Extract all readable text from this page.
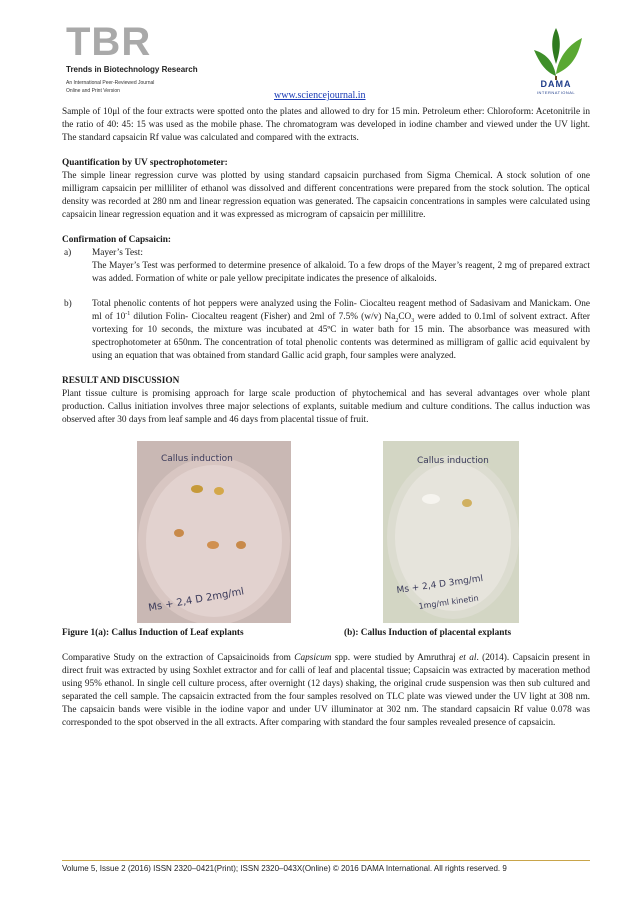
TBR
Trends in Biotechnology Research
An International Peer-Reviewed Journal
Online and Print Version	www.sciencejournal.in
DAMA
INTERNATIONAL

Sample of 10μl of the four extracts were spotted onto the plates and allowed to dry for 15 min. Petroleum ether: Chloroform: Acetonitrile in the ratio of 40: 45: 15 was used as the mobile phase. The chromatogram was developed in iodine chamber and viewed under the UV light. The standard capsaicin Rf value was calculated and compared with the extracts.

Quantification by UV spectrophotometer:

The simple linear regression curve was plotted by using standard capsaicin purchased from Sigma Chemical. A stock solution of one milligram capsaicin per milliliter of ethanol was dissolved and different concentrations were prepared from the stock solution. The optical density was recorded at 280 nm and linear regression equation was generated. The capsaicin concentrations in samples were calculated using capsaicin linear regression equation and it was expressed as microgram of capsaicin per millilitre.

Confirmation of Capsaicin:
a)	Mayer’s Test:
The Mayer’s Test was performed to determine presence of alkaloid. To a few drops of the Mayer’s reagent, 2 mg of prepared extract was added. Formation of white or pale yellow precipitate indicates the presence of alkaloids.
b)	Total phenolic contents of hot peppers were analyzed using the Folin- Ciocalteu reagent method of Sadasivam and Manickam. One ml of $10^{-1}$ dilution Folin- Ciocalteu reagent (Fisher) and 2ml of 7.5% (w/v) $Na_2CO_3$ were added to 0.1ml of solvent extract. After vortexing for 10 seconds, the mixture was incubated at 45ºC in water bath for 15 min. The absorbance was measured with spectrophotometer at 650nm. The concentration of total phenolic contents was determined as milligram of gallic acid equivalent by using an equation that was obtained from standard Gallic acid graph, four samples were analyzed.
RESULT AND DISCUSSION

Plant tissue culture is promising approach for large scale production of phytochemical and has several advantages over whole plant production. Callus initiation involves three major selections of explants, suitable medium and culture conditions. The callus induction was observed after 30 days from leaf sample and 46 days from placental tissue of fruit.

Callus induction
Ms + 2,4 D 2mg/ml
Callus induction
Ms + 2,4 D 3mg/ml
1mg/ml kinetin
Figure 1(a): Callus Induction of Leaf explants	(b): Callus Induction of placental explants

Comparative Study on the extraction of Capsaicinoids from Capsicum spp. were studied by Amruthraj et al. (2014). Capsaicin present in direct fruit was extracted by using Soxhlet extractor and for calli of leaf and placental tissue; Capsaicin was extracted by maceration method using 95% ethanol. In single cell culture process, after overnight (12 days) shaking, the original crude suspension was then sub cultured and separated the cell sample. The capsaicin extracted from the four samples resolved on TLC plate was viewed under the UV light at 308 nm. The capsaicin bands were visible in the iodine vapor and under UV illuminator at 302 nm. The standard capsaicin Rf value 0.078 was corresponded to the spot observed in the all extracts. After comparing with standard the four samples revealed presence of capsaicin.

Volume 5, Issue 2 (2016) ISSN 2320–0421(Print); ISSN 2320–043X(Online) © 2016 DAMA International. All rights reserved. 9
